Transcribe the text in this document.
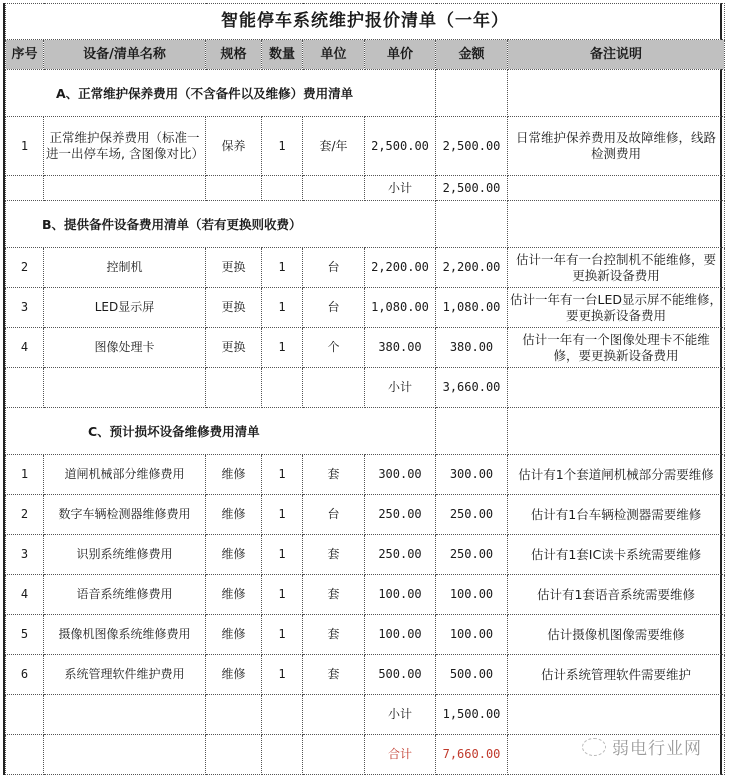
智能停车系统维护报价清单（一年）							
序号	设备/清单名称	规格	数量	单位	单价	金额	备注说明
A、正常维护保养费用（不含备件以及维修）费用清单							
1	正常维护保养费用（标准一进一出停车场, 含图像对比）	保养	1	套/年	2,500.00	2,500.00	日常维护保养费用及故障维修，线路检测费用
					小计	2,500.00	
B、提供备件设备费用清单（若有更换则收费）							
2	控制机	更换	1	台	2,200.00	2,200.00	估计一年有一台控制机不能维修，要更换新设备费用
3	LED显示屏	更换	1	台	1,080.00	1,080.00	估计一年有一台LED显示屏不能维修，要更换新设备费用
4	图像处理卡	更换	1	个	380.00	380.00	估计一年有一个图像处理卡不能维修，要更换新设备费用
					小计	3,660.00	
C、预计损坏设备维修费用清单							
1	道闸机械部分维修费用	维修	1	套	300.00	300.00	估计有1个套道闸机械部分需要维修
2	数字车辆检测器维修费用	维修	1	台	250.00	250.00	估计有1台车辆检测器需要维修
3	识别系统维修费用	维修	1	套	250.00	250.00	估计有1套IC读卡系统需要维修
4	语音系统维修费用	维修	1	套	100.00	100.00	估计有1套语音系统需要维修
5	摄像机图像系统维修费用	维修	1	套	100.00	100.00	估计摄像机图像需要维修
6	系统管理软件维护费用	维修	1	套	500.00	500.00	估计系统管理软件需要维护
					小计	1,500.00	
					合计	7,660.00		弱电行业网
